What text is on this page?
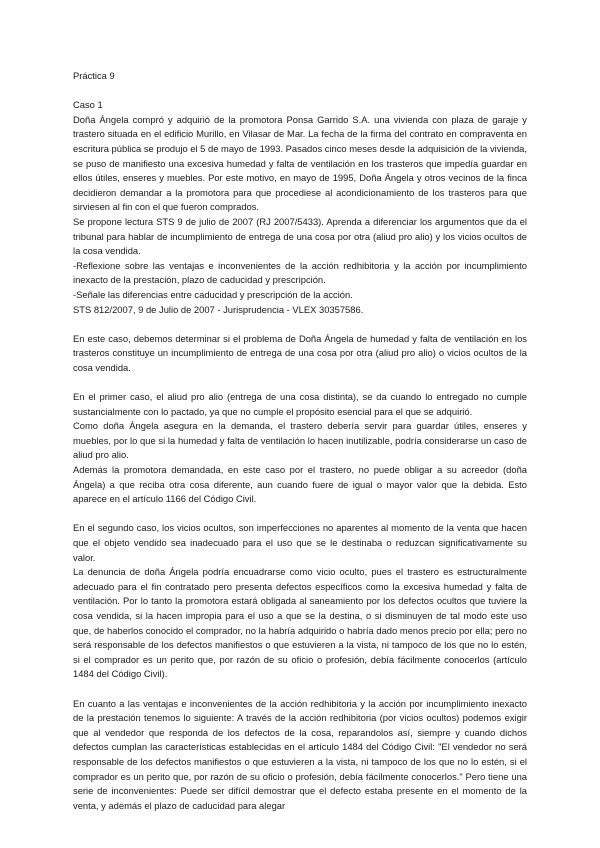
Práctica 9

Caso 1

Doña Ángela compró y adquirió de la promotora Ponsa Garrido S.A. una vivienda con plaza de garaje y trastero situada en el edificio Murillo, en Vilasar de Mar. La fecha de la firma del contrato en compraventa en escritura pública se produjo el 5 de mayo de 1993. Pasados cinco meses desde la adquisición de la vivienda, se puso de manifiesto una excesiva humedad y falta de ventilación en los trasteros que impedía guardar en ellos útiles, enseres y muebles. Por este motivo, en mayo de 1995, Doña Ángela y otros vecinos de la finca decidieron demandar a la promotora para que procediese al acondicionamiento de los trasteros para que sirviesen al fin con el que fueron comprados.

Se propone lectura STS 9 de julio de 2007 (RJ 2007/5433). Aprenda a diferenciar los argumentos que da el tribunal para hablar de incumplimiento de entrega de una cosa por otra (aliud pro alio) y los vicios ocultos de la cosa vendida.

-Reflexione sobre las ventajas e inconvenientes de la acción redhibitoria y la acción por incumplimiento inexacto de la prestación, plazo de caducidad y prescripción.

-Señale las diferencias entre caducidad y prescripción de la acción.

STS 812/2007, 9 de Julio de 2007 - Jurisprudencia - VLEX 30357586.

En este caso, debemos determinar si el problema de Doña Ángela de humedad y falta de ventilación en los trasteros constituye un incumplimiento de entrega de una cosa por otra (aliud pro alio) o vicios ocultos de la cosa vendida.

En el primer caso, el aliud pro alio (entrega de una cosa distinta), se da cuando lo entregado no cumple sustancialmente con lo pactado, ya que no cumple el propósito esencial para el que se adquirió.

Como doña Ángela asegura en la demanda, el trastero debería servir para guardar útiles, enseres y muebles, por lo que si la humedad y falta de ventilación lo hacen inutilizable, podría considerarse un caso de aliud pro alio.

Además la promotora demandada, en este caso por el trastero, no puede obligar a su acreedor (doña Ángela) a que reciba otra cosa diferente, aun cuando fuere de igual o mayor valor que la debida. Esto aparece en el artículo 1166 del Código Civil.

En el segundo caso, los vicios ocultos, son imperfecciones no aparentes al momento de la venta que hacen que el objeto vendido sea inadecuado para el uso que se le destinaba o reduzcan significativamente su valor.

La denuncia de doña Ángela podría encuadrarse como vicio oculto, pues el trastero es estructuralmente adecuado para el fin contratado pero presenta defectos específicos como la excesiva humedad y falta de ventilación. Por lo tanto la promotora estará obligada al saneamiento por los defectos ocultos que tuviere la cosa vendida, si la hacen impropia para el uso a que se la destina, o si disminuyen de tal modo este uso que, de haberlos conocido el comprador, no la habría adquirido o habría dado menos precio por ella; pero no será responsable de los defectos manifiestos o que estuvieren a la vista, ni tampoco de los que no lo estén, si el comprador es un perito que, por razón de su oficio o profesión, debía fácilmente conocerlos (artículo 1484 del Código Civil).

En cuanto a las ventajas e inconvenientes de la acción redhibitoria y la acción por incumplimiento inexacto de la prestación tenemos lo siguiente: A través de la acción redhibitoria (por vicios ocultos) podemos exigir que al vendedor que responda de los defectos de la cosa, reparandolos así, siempre y cuando dichos defectos cumplan las características establecidas en el artículo 1484 del Código Civil: "El vendedor no será responsable de los defectos manifiestos o que estuvieren a la vista, ni tampoco de los que no lo estén, si el comprador es un perito que, por razón de su oficio o profesión, debía fácilmente conocerlos." Pero tiene una serie de inconvenientes: Puede ser difícil demostrar que el defecto estaba presente en el momento de la venta, y además el plazo de caducidad para alegar
